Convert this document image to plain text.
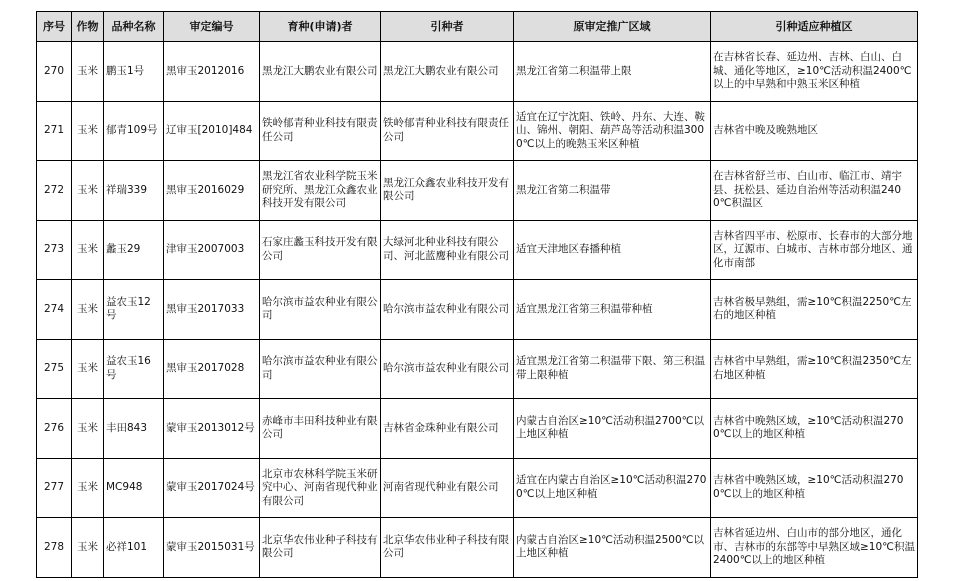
序号	作物	品种名称	审定编号	育种(申请)者	引种者	原审定推广区域	引种适应种植区
270	玉米	鹏玉1号	黑审玉2012016	黑龙江大鹏农业有限公司	黑龙江大鹏农业有限公司	黑龙江省第二积温带上限	在吉林省长春、延边州、吉林、白山、白城、通化等地区，≥10℃活动积温2400℃以上的中早熟和中熟玉米区种植
271	玉米	郁青109号	辽审玉[2010]484	铁岭郁青种业科技有限责任公司	铁岭郁青种业科技有限责任公司	适宜在辽宁沈阳、铁岭、丹东、大连、鞍山、锦州、朝阳、葫芦岛等活动积温3000℃以上的晚熟玉米区种植	吉林省中晚及晚熟地区
272	玉米	祥瑞339	黑审玉2016029	黑龙江省农业科学院玉米研究所、黑龙江众鑫农业科技开发有限公司	黑龙江众鑫农业科技开发有限公司	黑龙江省第二积温带	在吉林省舒兰市、白山市、临江市、靖宇县、抚松县、延边自治州等活动积温2400℃积温区
273	玉米	蠡玉29	津审玉2007003	石家庄蠡玉科技开发有限公司	大绿河北种业科技有限公司、河北蓝鹰种业有限公司	适宜天津地区春播种植	吉林省四平市、松原市、长春市的大部分地区，辽源市、白城市、吉林市部分地区、通化市南部
274	玉米	益农玉12号	黑审玉2017033	哈尔滨市益农种业有限公司	哈尔滨市益农种业有限公司	适宜黑龙江省第三积温带种植	吉林省极早熟组，需≥10℃积温2250℃左右的地区种植
275	玉米	益农玉16号	黑审玉2017028	哈尔滨市益农种业有限公司	哈尔滨市益农种业有限公司	适宜黑龙江省第二积温带下限、第三积温带上限种植	吉林省中早熟组，需≥10℃积温2350℃左右地区种植
276	玉米	丰田843	蒙审玉2013012号	赤峰市丰田科技种业有限公司	吉林省金珠种业有限公司	内蒙古自治区≥10℃活动积温2700℃以上地区种植	吉林省中晚熟区域，≥10℃活动积温2700℃以上的地区种植
277	玉米	MC948	蒙审玉2017024号	北京市农林科学院玉米研究中心、河南省现代种业有限公司	河南省现代种业有限公司	适宜在内蒙古自治区≥10℃活动积温2700℃以上地区种植	吉林省中晚熟区域，≥10℃活动积温2700℃以上的地区种植
278	玉米	必祥101	蒙审玉2015031号	北京华农伟业种子科技有限公司	北京华农伟业种子科技有限公司	内蒙古自治区≥10℃活动积温2500℃以上地区种植	吉林省延边州、白山市的部分地区，通化市、吉林市的东部等中早熟区域≥10℃积温2400℃以上的地区种植
